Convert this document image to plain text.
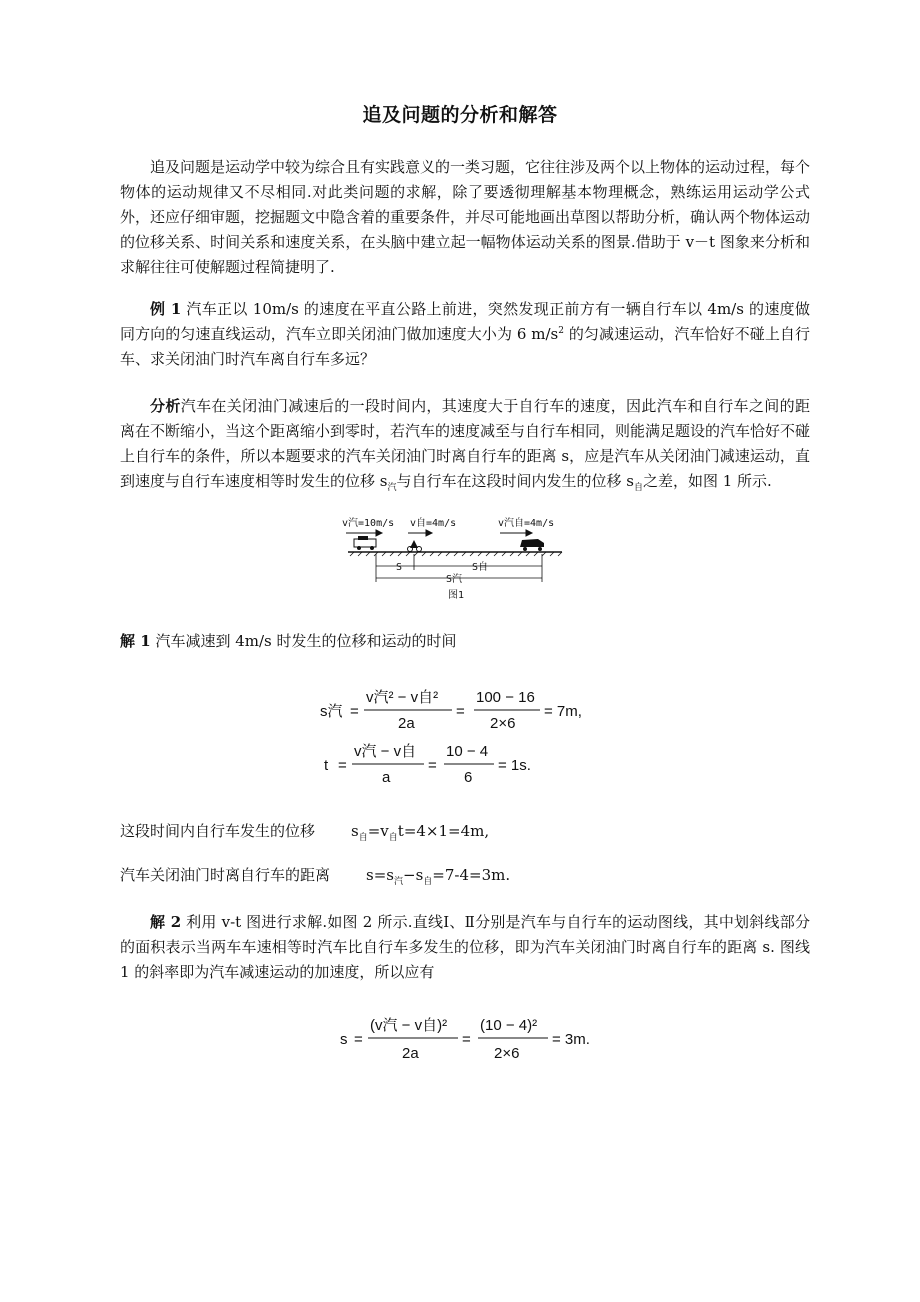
追及问题的分析和解答

追及问题是运动学中较为综合且有实践意义的一类习题，它往往涉及两个以上物体的运动过程，每个物体的运动规律又不尽相同.对此类问题的求解，除了要透彻理解基本物理概念，熟练运用运动学公式外，还应仔细审题，挖掘题文中隐含着的重要条件，并尽可能地画出草图以帮助分析，确认两个物体运动的位移关系、时间关系和速度关系，在头脑中建立起一幅物体运动关系的图景.借助于 v－t 图象来分析和求解往往可使解题过程简捷明了.

例 1 汽车正以 10m/s 的速度在平直公路上前进，突然发现正前方有一辆自行车以 4m/s 的速度做同方向的匀速直线运动，汽车立即关闭油门做加速度大小为 6 $m/s^2$ 的匀减速运动，汽车恰好不碰上自行车、求关闭油门时汽车离自行车多远？

分析汽车在关闭油门减速后的一段时间内，其速度大于自行车的速度，因此汽车和自行车之间的距离在不断缩小，当这个距离缩小到零时，若汽车的速度减至与自行车相同，则能满足题设的汽车恰好不碰上自行车的条件，所以本题要求的汽车关闭油门时离自行车的距离 s，应是汽车从关闭油门减速运动，直到速度与自行车速度相等时发生的位移 $s_汽$与自行车在这段时间内发生的位移 $s_自$之差，如图 1 所示.

v汽=10m/s v自=4m/s	v汽自=4m/s
S	S自
S汽
图1
解 1 汽车减速到 4m/s 时发生的位移和运动的时间
s汽 =
v汽² − v自²
2a
=
100 − 16
2×6
= 7m,
t =
v汽 − v自
a
=
10 − 4
6
= 1s.
这段时间内自行车发生的位移 $s_自=v_自t=4\times 1=4m$,
汽车关闭油门时离自行车的距离 $s=s_汽-s_自=7-4=3m$.

解 2 利用 v-t 图进行求解.如图 2 所示.直线Ⅰ、Ⅱ分别是汽车与自行车的运动图线，其中划斜线部分的面积表示当两车车速相等时汽车比自行车多发生的位移，即为汽车关闭油门时离自行车的距离 s. 图线 1 的斜率即为汽车减速运动的加速度，所以应有

s =
(v汽 − v自)²
2a
=
(10 − 4)²
2×6
= 3m.
